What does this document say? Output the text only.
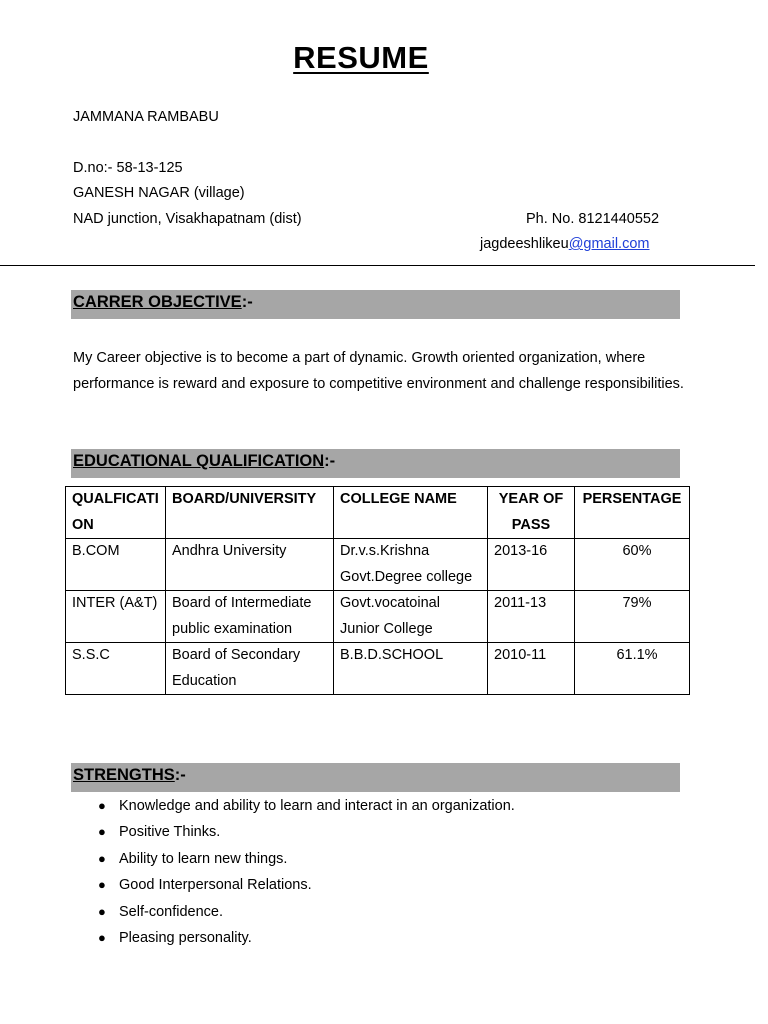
RESUME
JAMMANA RAMBABU
D.no:- 58-13-125
GANESH NAGAR (village)
NAD junction, Visakhapatnam (dist)	Ph. No. 8121440552
jagdeeshlikeu@gmail.com
CARRER OBJECTIVE:-
My Career objective is to become a part of dynamic. Growth oriented organization, where performance is reward and exposure to competitive environment and challenge responsibilities.
EDUCATIONAL QUALIFICATION:-
QUALFICATION	BOARD/UNIVERSITY	COLLEGE NAME	YEAR OF PASS	PERSENTAGE
B.COM	Andhra University	Dr.v.s.Krishna Govt.Degree college	2013-16	60%
INTER (A&T)	Board of Intermediate public examination	Govt.vocatoinal Junior College	2011-13	79%
S.S.C	Board of Secondary Education	B.B.D.SCHOOL	2010-11	61.1%
STRENGTHS:-
● Knowledge and ability to learn and interact in an organization.
● Positive Thinks.
● Ability to learn new things.
● Good Interpersonal Relations.
● Self-confidence.
● Pleasing personality.
